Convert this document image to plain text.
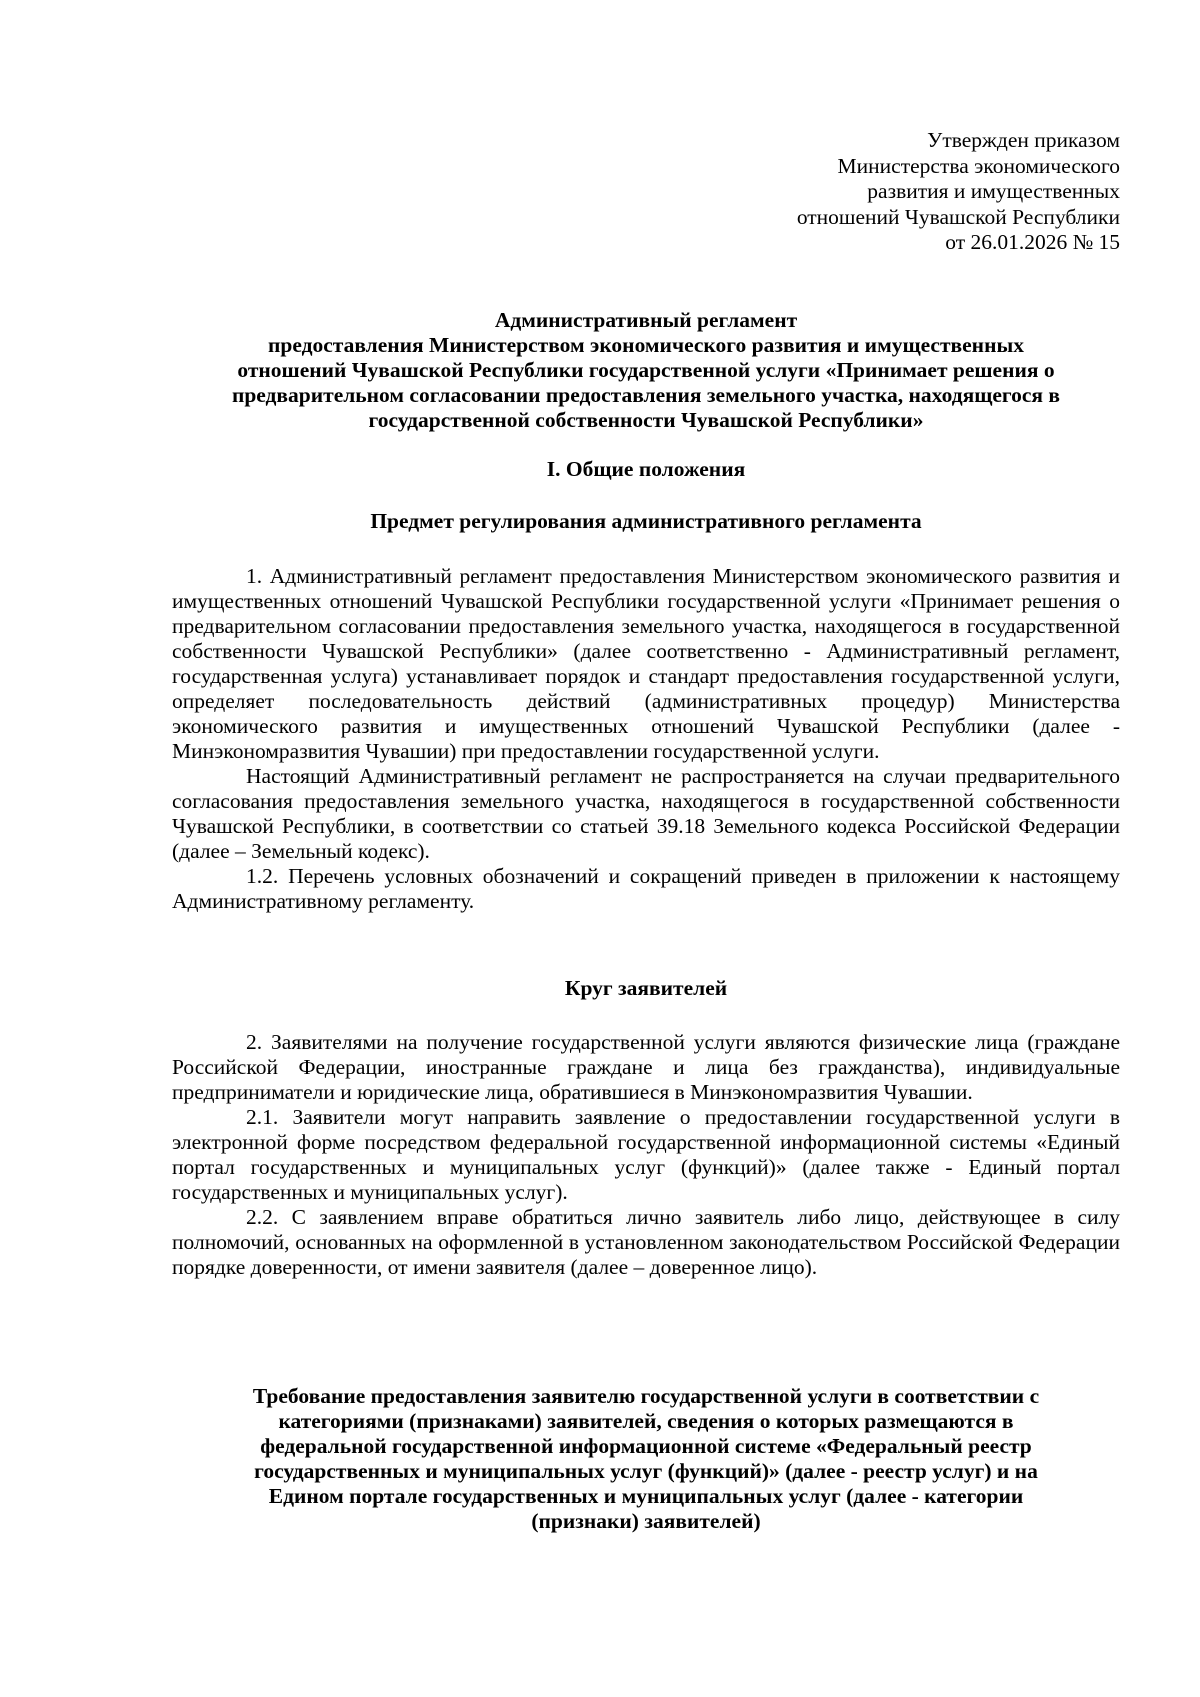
Утвержден приказом
Министерства экономического
развития и имущественных
отношений Чувашской Республики
от 26.01.2026 № 15
Административный регламент
предоставления Министерством экономического развития и имущественных
отношений Чувашской Республики государственной услуги «Принимает решения о
предварительном согласовании предоставления земельного участка, находящегося в
государственной собственности Чувашской Республики»
I. Общие положения
Предмет регулирования административного регламента

1. Административный регламент предоставления Министерством экономического развития и имущественных отношений Чувашской Республики государственной услуги «Принимает решения о предварительном согласовании предоставления земельного участка, находящегося в государственной собственности Чувашской Республики» (далее соответственно - Административный регламент, государственная услуга) устанавливает порядок и стандарт предоставления государственной услуги, определяет последовательность действий (административных процедур) Министерства экономического развития и имущественных отношений Чувашской Республики (далее - Минэкономразвития Чувашии) при предоставлении государственной услуги.

Настоящий Административный регламент не распространяется на случаи предварительного согласования предоставления земельного участка, находящегося в государственной собственности Чувашской Республики, в соответствии со статьей 39.18 Земельного кодекса Российской Федерации (далее – Земельный кодекс).

1.2. Перечень условных обозначений и сокращений приведен в приложении к настоящему Административному регламенту.

Круг заявителей

2. Заявителями на получение государственной услуги являются физические лица (граждане Российской Федерации, иностранные граждане и лица без гражданства), индивидуальные предприниматели и юридические лица, обратившиеся в Минэкономразвития Чувашии.

2.1. Заявители могут направить заявление о предоставлении государственной услуги в электронной форме посредством федеральной государственной информационной системы «Единый портал государственных и муниципальных услуг (функций)» (далее также - Единый портал государственных и муниципальных услуг).

2.2. С заявлением вправе обратиться лично заявитель либо лицо, действующее в силу полномочий, основанных на оформленной в установленном законодательством Российской Федерации порядке доверенности, от имени заявителя (далее – доверенное лицо).

Требование предоставления заявителю государственной услуги в соответствии с
категориями (признаками) заявителей, сведения о которых размещаются в
федеральной государственной информационной системе «Федеральный реестр
государственных и муниципальных услуг (функций)» (далее - реестр услуг) и на
Едином портале государственных и муниципальных услуг (далее - категории
(признаки) заявителей)
